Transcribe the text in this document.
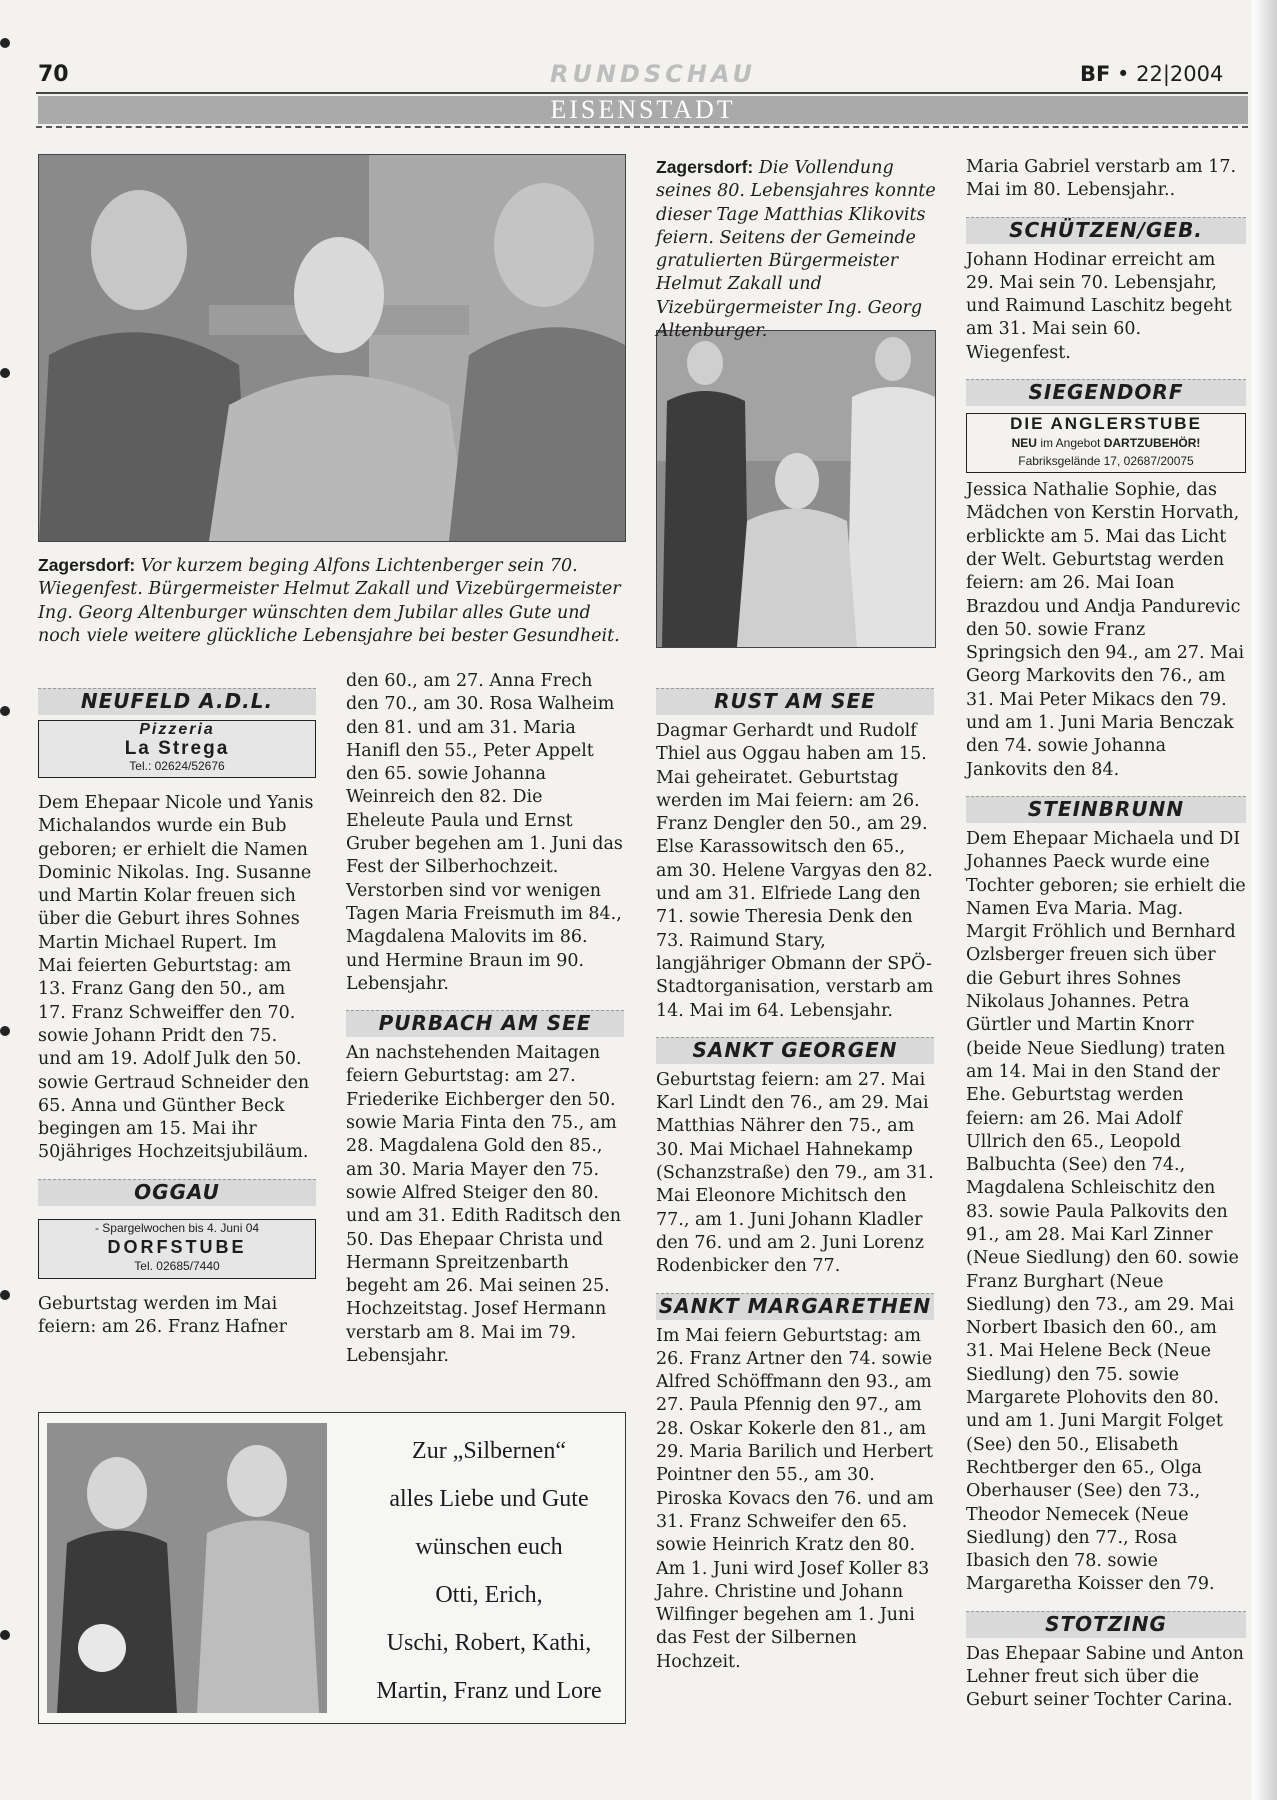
70	RUNDSCHAU	BF • 22|2004
EISENSTADT
Zagersdorf: Vor kurzem beging Alfons Lichtenberger sein 70. Wiegenfest. Bürgermeister Helmut Zakall und Vizebürgermeister Ing. Georg Altenburger wünschten dem Jubilar alles Gute und noch viele weitere glückliche Lebensjahre bei bester Gesundheit.
Zagersdorf: Die Vollendung seines 80. Lebensjahres konnte dieser Tage Matthias Klikovits feiern. Seitens der Gemeinde gratulierten Bürgermeister Helmut Zakall und Vizebürgermeister Ing. Georg Altenburger.
NEUFELD A.D.L.
Pizzeria
La Strega
Tel.: 02624/52676

Dem Ehepaar Nicole und Yanis Michalandos wurde ein Bub geboren; er erhielt die Namen Dominic Nikolas. Ing. Susanne und Martin Kolar freuen sich über die Geburt ihres Sohnes Martin Michael Rupert. Im Mai feierten Geburtstag: am 13. Franz Gang den 50., am 17. Franz Schweiffer den 70. sowie Johann Pridt den 75. und am 19. Adolf Julk den 50. sowie Gertraud Schneider den 65. Anna und Günther Beck begingen am 15. Mai ihr 50jähriges Hochzeitsjubiläum.

OGGAU
- Spargelwochen bis 4. Juni 04
DORFSTUBE
Tel. 02685/7440

Geburtstag werden im Mai feiern: am 26. Franz Hafner

den 60., am 27. Anna Frech den 70., am 30. Rosa Walheim den 81. und am 31. Maria Hanifl den 55., Peter Appelt den 65. sowie Johanna Weinreich den 82. Die Eheleute Paula und Ernst Gruber begehen am 1. Juni das Fest der Silberhochzeit. Verstorben sind vor wenigen Tagen Maria Freismuth im 84., Magdalena Malovits im 86. und Hermine Braun im 90. Lebensjahr.

PURBACH AM SEE

An nachstehenden Maitagen feiern Geburtstag: am 27. Friederike Eichberger den 50. sowie Maria Finta den 75., am 28. Magdalena Gold den 85., am 30. Maria Mayer den 75. sowie Alfred Steiger den 80. und am 31. Edith Raditsch den 50. Das Ehepaar Christa und Hermann Spreitzenbarth begeht am 26. Mai seinen 25. Hochzeitstag. Josef Hermann verstarb am 8. Mai im 79. Lebensjahr.

Zur „Silbernen“
alles Liebe und Gute
wünschen euch
Otti, Erich,
Uschi, Robert, Kathi,
Martin, Franz und Lore
RUST AM SEE

Dagmar Gerhardt und Rudolf Thiel aus Oggau haben am 15. Mai geheiratet. Geburtstag werden im Mai feiern: am 26. Franz Dengler den 50., am 29. Else Karassowitsch den 65., am 30. Helene Vargyas den 82. und am 31. Elfriede Lang den 71. sowie Theresia Denk den 73. Raimund Stary, langjähriger Obmann der SPÖ-Stadtorganisation, verstarb am 14. Mai im 64. Lebensjahr.

SANKT GEORGEN

Geburtstag feiern: am 27. Mai Karl Lindt den 76., am 29. Mai Matthias Nährer den 75., am 30. Mai Michael Hahnekamp (Schanzstraße) den 79., am 31. Mai Eleonore Michitsch den 77., am 1. Juni Johann Kladler den 76. und am 2. Juni Lorenz Rodenbicker den 77.

SANKT MARGARETHEN

Im Mai feiern Geburtstag: am 26. Franz Artner den 74. sowie Alfred Schöffmann den 93., am 27. Paula Pfennig den 97., am 28. Oskar Kokerle den 81., am 29. Maria Barilich und Herbert Pointner den 55., am 30. Piroska Kovacs den 76. und am 31. Franz Schweifer den 65. sowie Heinrich Kratz den 80. Am 1. Juni wird Josef Koller 83 Jahre. Christine und Johann Wilfinger begehen am 1. Juni das Fest der Silbernen Hochzeit.

Maria Gabriel verstarb am 17. Mai im 80. Lebensjahr..

SCHÜTZEN/GEB.

Johann Hodinar erreicht am 29. Mai sein 70. Lebensjahr, und Raimund Laschitz begeht am 31. Mai sein 60. Wiegenfest.

SIEGENDORF
DIE ANGLERSTUBE
NEU im Angebot DARTZUBEHÖR!
Fabriksgelände 17, 02687/20075

Jessica Nathalie Sophie, das Mädchen von Kerstin Horvath, erblickte am 5. Mai das Licht der Welt. Geburtstag werden feiern: am 26. Mai Ioan Brazdou und Andja Pandurevic den 50. sowie Franz Springsich den 94., am 27. Mai Georg Markovits den 76., am 31. Mai Peter Mikacs den 79. und am 1. Juni Maria Benczak den 74. sowie Johanna Jankovits den 84.

STEINBRUNN

Dem Ehepaar Michaela und DI Johannes Paeck wurde eine Tochter geboren; sie erhielt die Namen Eva Maria. Mag. Margit Fröhlich und Bernhard Ozlsberger freuen sich über die Geburt ihres Sohnes Nikolaus Johannes. Petra Gürtler und Martin Knorr (beide Neue Siedlung) traten am 14. Mai in den Stand der Ehe. Geburtstag werden feiern: am 26. Mai Adolf Ullrich den 65., Leopold Balbuchta (See) den 74., Magdalena Schleischitz den 83. sowie Paula Palkovits den 91., am 28. Mai Karl Zinner (Neue Siedlung) den 60. sowie Franz Burghart (Neue Siedlung) den 73., am 29. Mai Norbert Ibasich den 60., am 31. Mai Helene Beck (Neue Siedlung) den 75. sowie Margarete Plohovits den 80. und am 1. Juni Margit Folget (See) den 50., Elisabeth Rechtberger den 65., Olga Oberhauser (See) den 73., Theodor Nemecek (Neue Siedlung) den 77., Rosa Ibasich den 78. sowie Margaretha Koisser den 79.

STOTZING

Das Ehepaar Sabine und Anton Lehner freut sich über die Geburt seiner Tochter Carina.
